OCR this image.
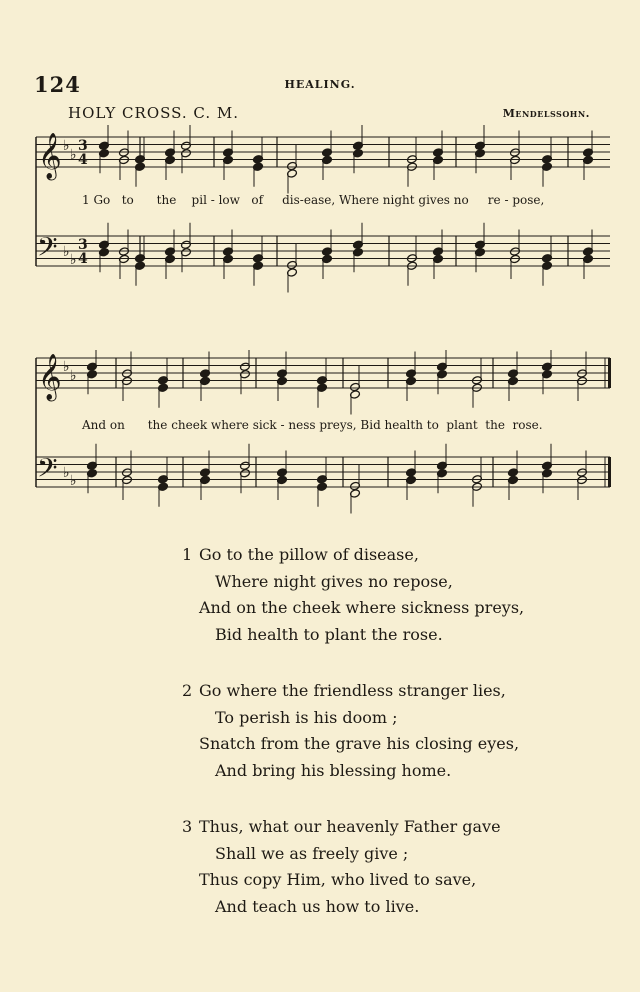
124	HEALING.
HOLY CROSS. C. M.	Mendelssohn.
𝄞 ♭
♭
3
4
𝄢 ♭ ♭
3
4
1 Go   to      the    pil - low   of     dis-ease, Where night gives no     re - pose,
𝄞 ♭
♭
𝄢 ♭ ♭
And on      the cheek where sick - ness preys, Bid health to  plant  the  rose.
1 Go to the pillow of disease,
Where night gives no repose,
And on the cheek where sickness preys,
Bid health to plant the rose.
2 Go where the friendless stranger lies,
To perish is his doom ;
Snatch from the grave his closing eyes,
And bring his blessing home.
3 Thus, what our heavenly Father gave
Shall we as freely give ;
Thus copy Him, who lived to save,
And teach us how to live.
